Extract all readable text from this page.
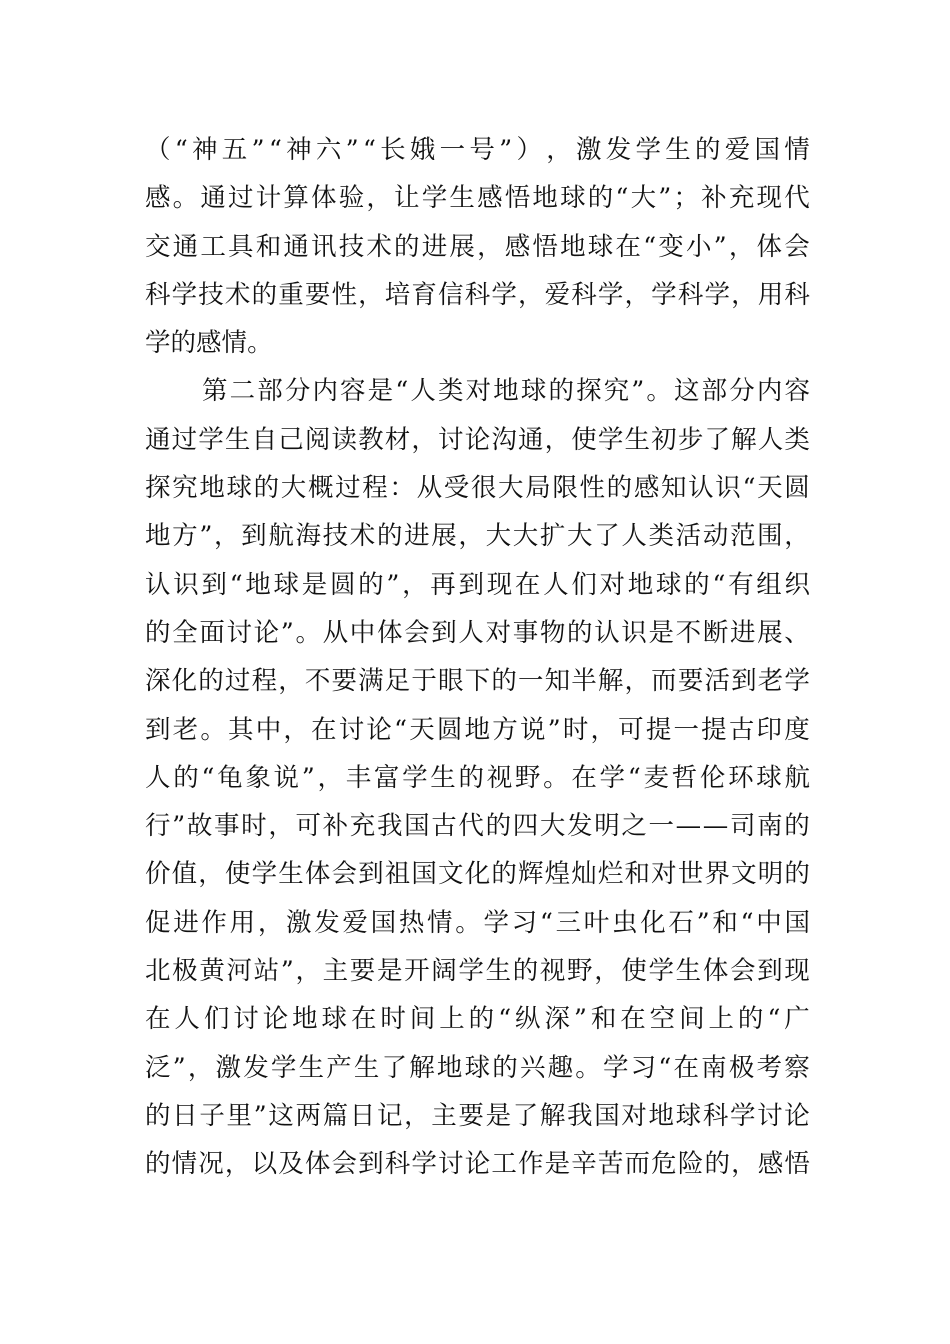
（ “ 神 五 ” “ 神 六 ” “ 长 娥 一 号 ” ） ， 激 发 学 生 的 爱 国 情
感 。 通 过 计 算 体 验 ， 让 学 生 感 悟 地 球 的 “ 大 ” ； 补 充 现 代
交 通 工 具 和 通 讯 技 术 的 进 展 ， 感 悟 地 球 在 “ 变 小 ” ， 体 会
科 学 技 术 的 重 要 性 ， 培 育 信 科 学 ， 爱 科 学 ， 学 科 学 ， 用 科
学 的 感 情 。
第 二 部 分 内 容 是 “ 人 类 对 地 球 的 探 究 ” 。 这 部 分 内 容
通 过 学 生 自 己 阅 读 教 材 ， 讨 论 沟 通 ， 使 学 生 初 步 了 解 人 类
探 究 地 球 的 大 概 过 程 ： 从 受 很 大 局 限 性 的 感 知 认 识 “ 天 圆
地 方 ” ， 到 航 海 技 术 的 进 展 ， 大 大 扩 大 了 人 类 活 动 范 围 ，
认 识 到 “ 地 球 是 圆 的 ” ， 再 到 现 在 人 们 对 地 球 的 “ 有 组 织
的 全 面 讨 论 ” 。 从 中 体 会 到 人 对 事 物 的 认 识 是 不 断 进 展 、
深 化 的 过 程 ， 不 要 满 足 于 眼 下 的 一 知 半 解 ， 而 要 活 到 老 学
到 老 。 其 中 ， 在 讨 论 “ 天 圆 地 方 说 ” 时 ， 可 提 一 提 古 印 度
人 的 “ 龟 象 说 ” ， 丰 富 学 生 的 视 野 。 在 学 “ 麦 哲 伦 环 球 航
行 ” 故 事 时 ， 可 补 充 我 国 古 代 的 四 大 发 明 之 一 — — 司 南 的
价 值 ， 使 学 生 体 会 到 祖 国 文 化 的 辉 煌 灿 烂 和 对 世 界 文 明 的
促 进 作 用 ， 激 发 爱 国 热 情 。 学 习 “ 三 叶 虫 化 石 ” 和 “ 中 国
北 极 黄 河 站 ” ， 主 要 是 开 阔 学 生 的 视 野 ， 使 学 生 体 会 到 现
在 人 们 讨 论 地 球 在 时 间 上 的 “ 纵 深 ” 和 在 空 间 上 的 “ 广
泛 ” ， 激 发 学 生 产 生 了 解 地 球 的 兴 趣 。 学 习 “ 在 南 极 考 察
的 日 子 里 ” 这 两 篇 日 记 ， 主 要 是 了 解 我 国 对 地 球 科 学 讨 论
的 情 况 ， 以 及 体 会 到 科 学 讨 论 工 作 是 辛 苦 而 危 险 的 ， 感 悟
